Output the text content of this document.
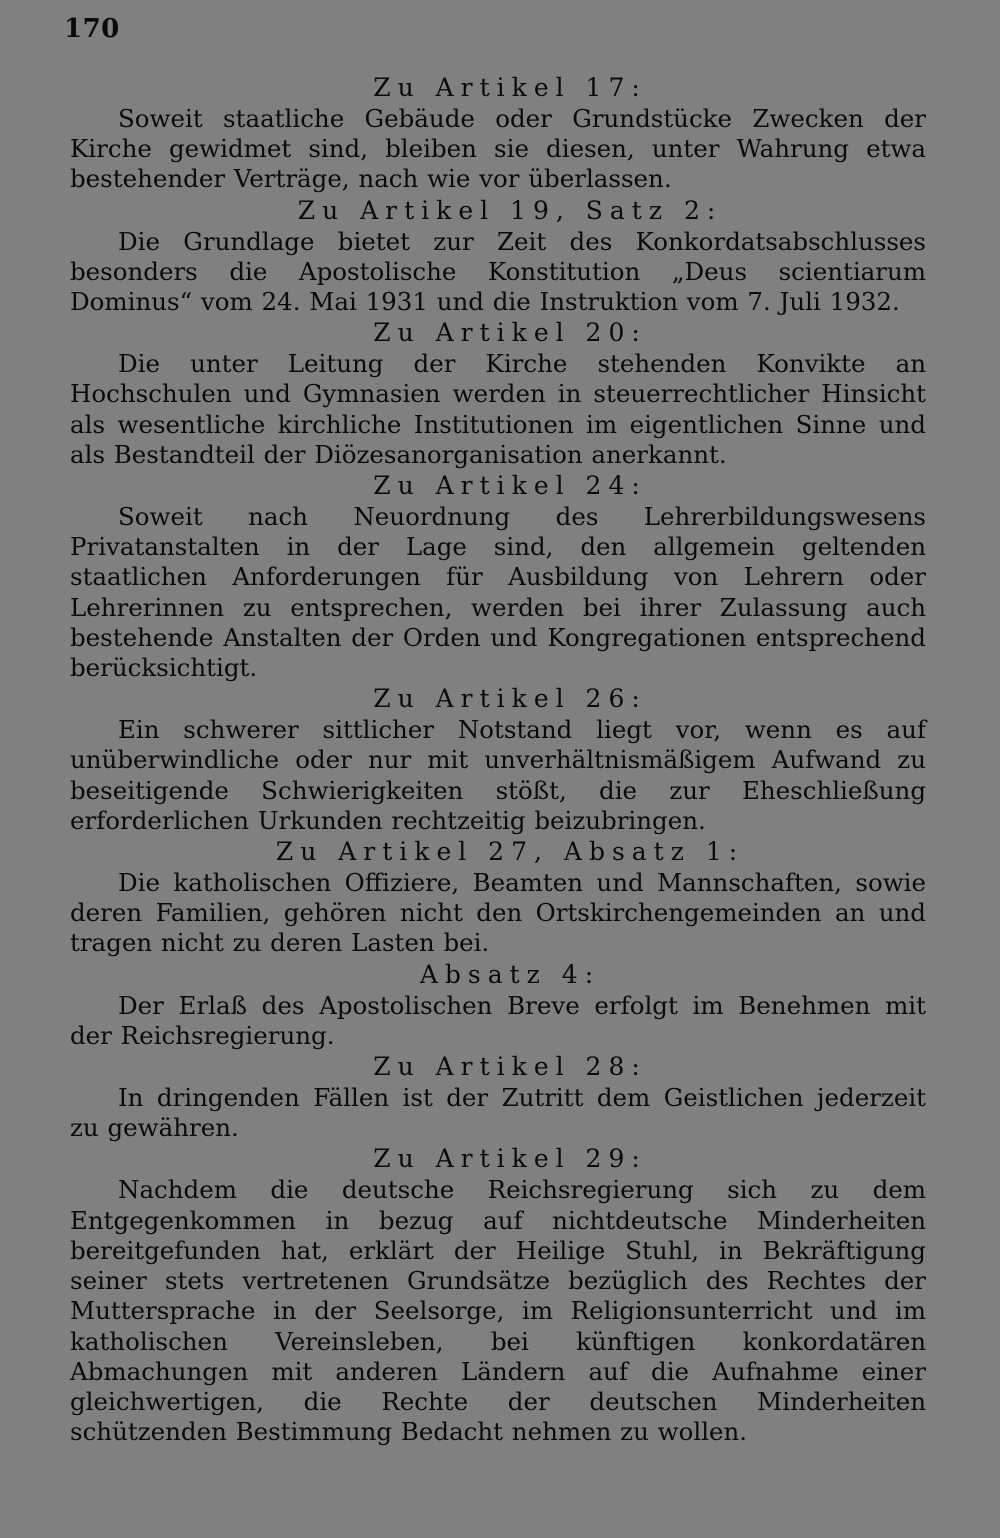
170
Zu Artikel 17:

Soweit staatliche Gebäude oder Grundstücke Zwecken der Kirche gewidmet sind, bleiben sie diesen, unter Wahrung etwa bestehender Verträge, nach wie vor überlassen.

Zu Artikel 19, Satz 2:

Die Grundlage bietet zur Zeit des Konkordatsabschlusses besonders die Apostolische Konstitution „Deus scientiarum Dominus“ vom 24. Mai 1931 und die Instruktion vom 7. Juli 1932.

Zu Artikel 20:

Die unter Leitung der Kirche stehenden Konvikte an Hochschulen und Gymnasien werden in steuerrechtlicher Hinsicht als wesentliche kirchliche Institutionen im eigentlichen Sinne und als Bestandteil der Diözesanorganisation anerkannt.

Zu Artikel 24:

Soweit nach Neuordnung des Lehrerbildungswesens Privatanstalten in der Lage sind, den allgemein geltenden staatlichen Anforderungen für Ausbildung von Lehrern oder Lehrerinnen zu entsprechen, werden bei ihrer Zulassung auch bestehende Anstalten der Orden und Kongregationen entsprechend berücksichtigt.

Zu Artikel 26:

Ein schwerer sittlicher Notstand liegt vor, wenn es auf unüberwindliche oder nur mit unverhältnismäßigem Aufwand zu beseitigende Schwierigkeiten stößt, die zur Eheschließung erforderlichen Urkunden rechtzeitig beizubringen.

Zu Artikel 27, Absatz 1:

Die katholischen Offiziere, Beamten und Mannschaften, sowie deren Familien, gehören nicht den Ortskirchengemeinden an und tragen nicht zu deren Lasten bei.

Absatz 4:

Der Erlaß des Apostolischen Breve erfolgt im Benehmen mit der Reichsregierung.

Zu Artikel 28:

In dringenden Fällen ist der Zutritt dem Geistlichen jederzeit zu gewähren.

Zu Artikel 29:

Nachdem die deutsche Reichsregierung sich zu dem Entgegenkommen in bezug auf nichtdeutsche Minderheiten bereitgefunden hat, erklärt der Heilige Stuhl, in Bekräftigung seiner stets vertretenen Grundsätze bezüglich des Rechtes der Muttersprache in der Seelsorge, im Religionsunterricht und im katholischen Vereinsleben, bei künftigen konkordatären Abmachungen mit anderen Ländern auf die Aufnahme einer gleichwertigen, die Rechte der deutschen Minderheiten schützenden Bestimmung Bedacht nehmen zu wollen.
